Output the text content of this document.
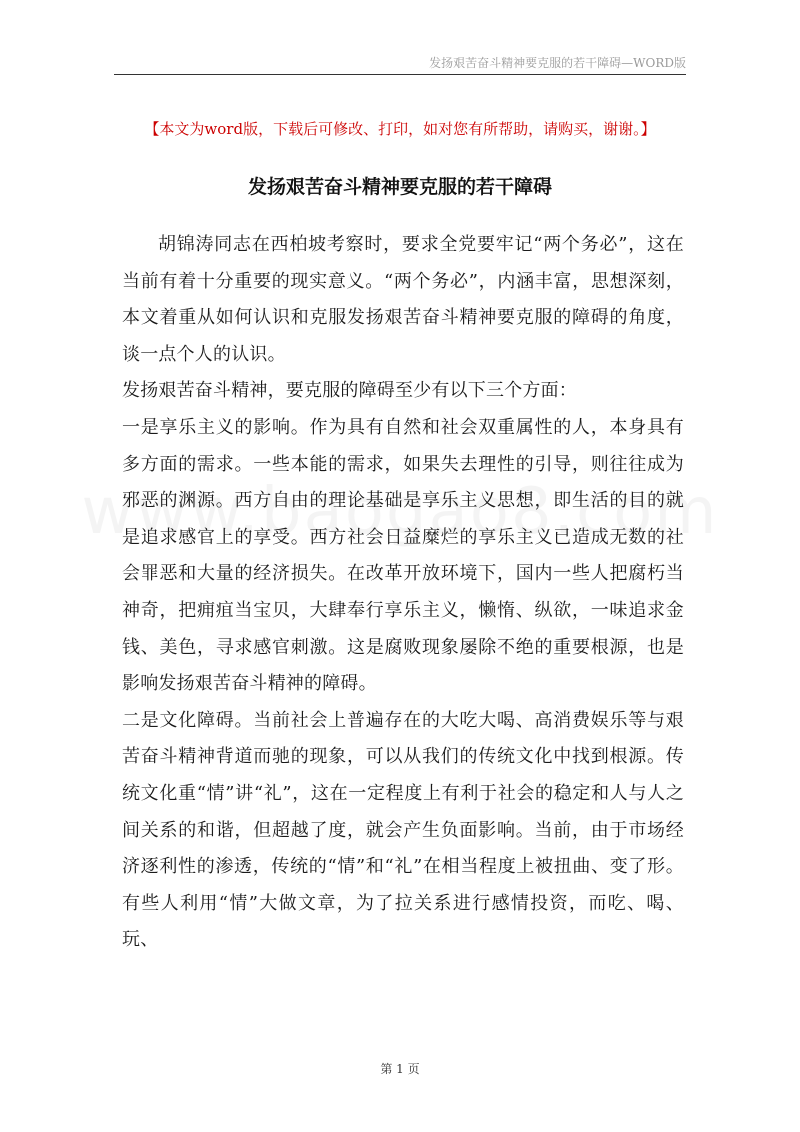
发扬艰苦奋斗精神要克服的若干障碍—WORD版
【本文为word版，下载后可修改、打印，如对您有所帮助，请购买，谢谢。】
发扬艰苦奋斗精神要克服的若干障碍

胡锦涛同志在西柏坡考察时，要求全党要牢记“两个务必”，这在当前有着十分重要的现实意义。“两个务必”，内涵丰富，思想深刻，本文着重从如何认识和克服发扬艰苦奋斗精神要克服的障碍的角度，谈一点个人的认识。

发扬艰苦奋斗精神，要克服的障碍至少有以下三个方面：

一是享乐主义的影响。作为具有自然和社会双重属性的人，本身具有多方面的需求。一些本能的需求，如果失去理性的引导，则往往成为邪恶的渊源。西方自由的理论基础是享乐主义思想，即生活的目的就是追求感官上的享受。西方社会日益糜烂的享乐主义已造成无数的社会罪恶和大量的经济损失。在改革开放环境下，国内一些人把腐朽当神奇，把痈疽当宝贝，大肆奉行享乐主义，懒惰、纵欲，一味追求金钱、美色，寻求感官刺激。这是腐败现象屡除不绝的重要根源，也是影响发扬艰苦奋斗精神的障碍。

二是文化障碍。当前社会上普遍存在的大吃大喝、高消费娱乐等与艰苦奋斗精神背道而驰的现象，可以从我们的传统文化中找到根源。传统文化重“情”讲“礼”，这在一定程度上有利于社会的稳定和人与人之间关系的和谐，但超越了度，就会产生负面影响。当前，由于市场经济逐利性的渗透，传统的“情”和“礼”在相当程度上被扭曲、变了形。有些人利用“情”大做文章，为了拉关系进行感情投资，而吃、喝、玩、

第 1 页
